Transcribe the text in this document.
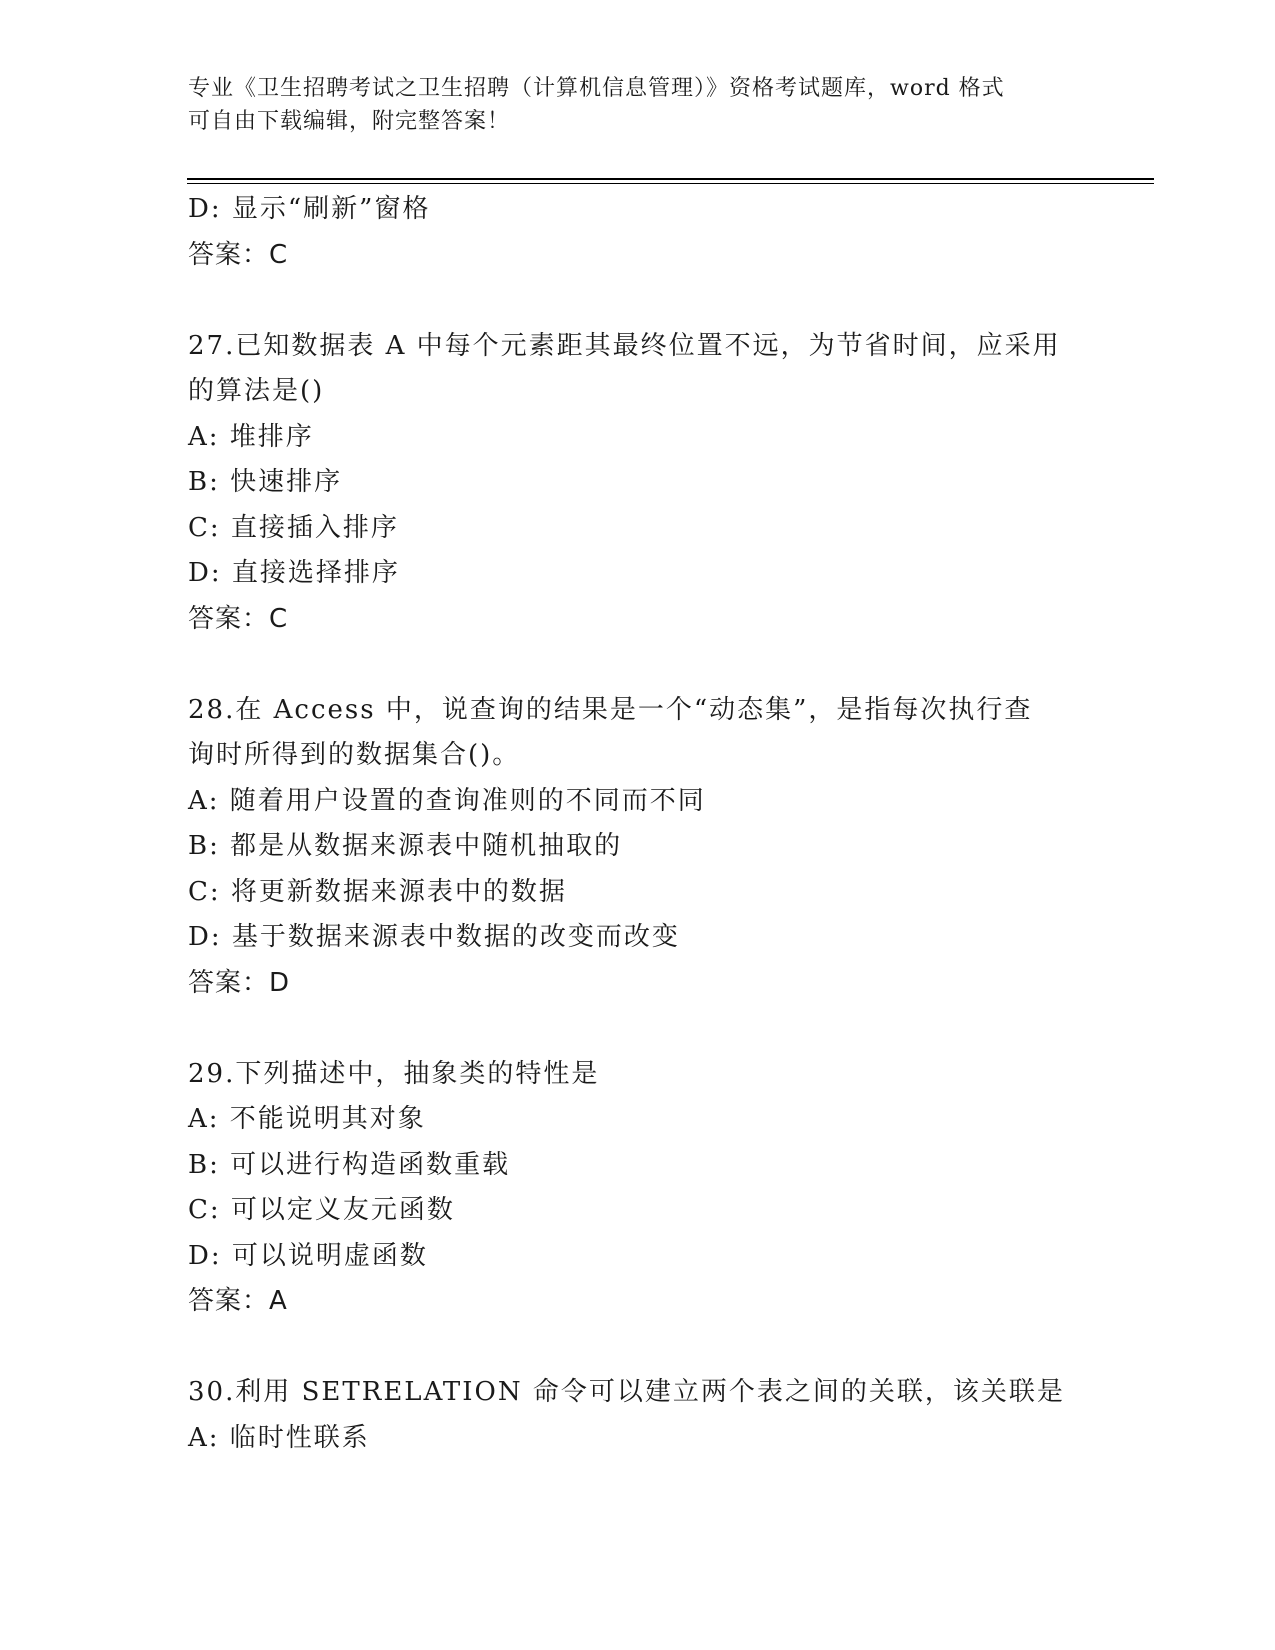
专业《卫生招聘考试之卫生招聘（计算机信息管理）》资格考试题库，word 格式
可自由下载编辑，附完整答案！
D: 显示“刷新”窗格
答案：C
27.已知数据表 A 中每个元素距其最终位置不远，为节省时间，应采用
的算法是()
A: 堆排序
B: 快速排序
C: 直接插入排序
D: 直接选择排序
答案：C
28.在 Access 中，说查询的结果是一个“动态集”，是指每次执行查
询时所得到的数据集合()。
A: 随着用户设置的查询准则的不同而不同
B: 都是从数据来源表中随机抽取的
C: 将更新数据来源表中的数据
D: 基于数据来源表中数据的改变而改变
答案：D
29.下列描述中，抽象类的特性是
A: 不能说明其对象
B: 可以进行构造函数重载
C: 可以定义友元函数
D: 可以说明虚函数
答案：A
30.利用 SETRELATION 命令可以建立两个表之间的关联，该关联是
A: 临时性联系
